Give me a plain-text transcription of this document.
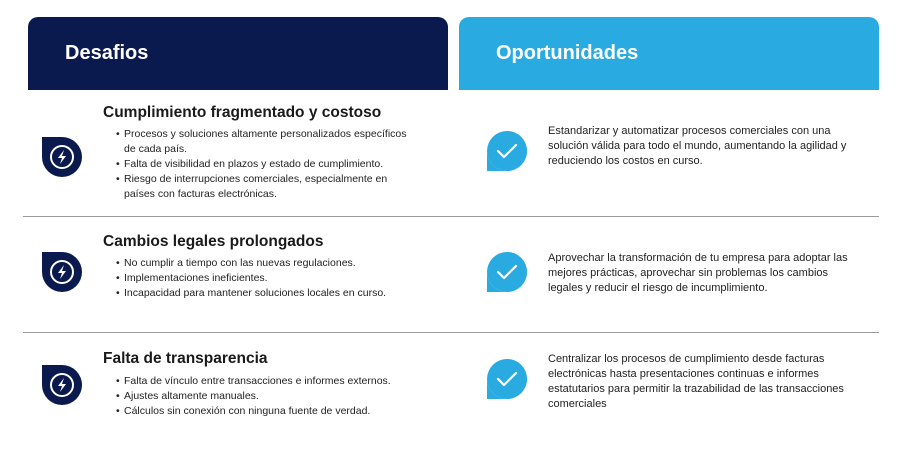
Desafios	Oportunidades
Cumplimiento fragmentado y costoso
• Procesos y soluciones altamente personalizados específicos de cada país.
• Falta de visibilidad en plazos y estado de cumplimiento.
• Riesgo de interrupciones comerciales, especialmente en países con facturas electrónicas.
Estandarizar y automatizar procesos comerciales con una solución válida para todo el mundo, aumentando la agilidad y reduciendo los costos en curso.
Cambios legales prolongados
• No cumplir a tiempo con las nuevas regulaciones.
• Implementaciones ineficientes.
• Incapacidad para mantener soluciones locales en curso.
Aprovechar la transformación de tu empresa para adoptar las mejores prácticas, aprovechar sin problemas los cambios legales y reducir el riesgo de incumplimiento.
Falta de transparencia
• Falta de vínculo entre transacciones e informes externos.
• Ajustes altamente manuales.
• Cálculos sin conexión con ninguna fuente de verdad.
Centralizar los procesos de cumplimiento desde facturas electrónicas hasta presentaciones continuas e informes estatutarios para permitir la trazabilidad de las transacciones comerciales
